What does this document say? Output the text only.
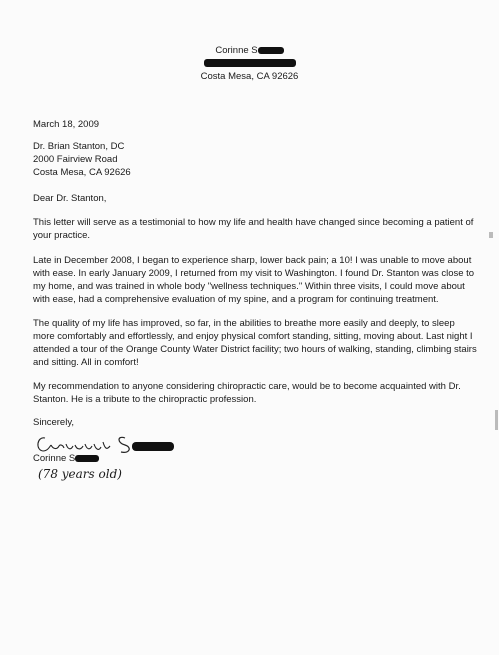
Corinne S
Costa Mesa, CA 92626
March 18, 2009
Dr. Brian Stanton, DC
2000 Fairview Road
Costa Mesa, CA 92626
Dear Dr. Stanton,

This letter will serve as a testimonial to how my life and health have changed since becoming a patient of your practice.

Late in December 2008, I began to experience sharp, lower back pain; a 10! I was unable to move about with ease. In early January 2009, I returned from my visit to Washington. I found Dr. Stanton was close to my home, and was trained in whole body "wellness techniques." Within three visits, I could move about with ease, had a comprehensive evaluation of my spine, and a program for continuing treatment.

The quality of my life has improved, so far, in the abilities to breathe more easily and deeply, to sleep more comfortably and effortlessly, and enjoy physical comfort standing, sitting, moving about. Last night I attended a tour of the Orange County Water District facility; two hours of walking, standing, climbing stairs and sitting. All in comfort!

My recommendation to anyone considering chiropractic care, would be to become acquainted with Dr. Stanton. He is a tribute to the chiropractic profession.

Sincerely,
Corinne S
(78 years old)
